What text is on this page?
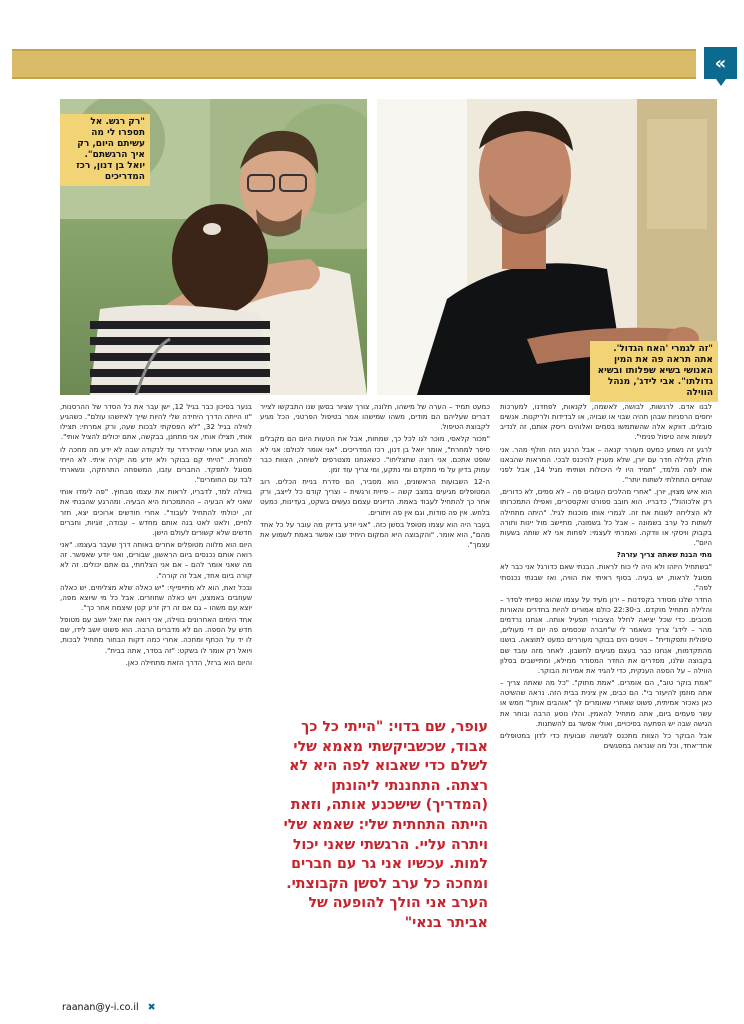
«
"רק רגש. אל תספרו לי מה עשיתם היום, רק איך הרגשתם". יואל בן דנון, רכז המדריכים
"זה לגמרי 'האח הגדול'. אתה תראה פה את המין האנושי בשיא שפלותו ובשיא גדולתו". אבי לידג', מנהל הווילה

לבנו אדם. לרגשות, לבושה, לאשמה, לקנאות, לפחדנו, למערכות יחסים הרסניות שבהן תהיה שבוי או שבויה, או לבדידות ולריקנות. אנשים סובלים. דווקא אלה שהשתמשו בסמים ואלוהים ריסק אותם, זה לנדיב לעשות איזה טיפול פנימי".

לרגע זה נשמע כמעט מעורר קנאה – אבל הרגע הזה חולף מהר. אני חולק הלילה חדר עם יורן, שלא מעניין להיכנס לבכי. המראות שהבאנו אתו לפה מלמד, "תמיד היו לי היכולות ושתיתי מגיל 14, אבל לפני שנתיים התחלתי לשתות יותר".

הוא איש מצוין, יורן. "אחרי מהלכים העובים פה – לא סמים, לא כדורים, רק אלכוהול", כדבריו. הוא חובב ספורט ואקסטרים, ואפילו התמכרותו לא הצליחה לשנות את זה. לגמרי אותו מוכנות לגיל. "היתה מתחילה לשתות כל ערב בשמונה – אבל כל בשמונה, מתיישב מול יינות ותורה בקבוק וויסקי או וודקה. ואמרתי לעצמי: לפחות אני לא שותה בשעות היום".

מתי הבנת שאתה צריך עזרה?

"בשתחיל היזהו ולא היה לי כוח לראות. הבנתי שאם כדורגל אני כבר לא מסוגל לראות, יש בעיה. בסוף ראיתי את הוויה, ואז שבנתי נכנסתי לפה".

החדר שלנו מסודר בקפדנות – ירון מעיד על עצמו שהוא כפייתי לסדר – והלילה מתחיל מוקדם. ב-22:30 כולם אמורים להיות בחדרים והאורות מכובים. כדי שכל יציאה לחלל הציבורי תפעיל אותה. אנחנו נרדמים מהר – לידג' צריך כשאמר לי ש"חברה שכסמים פה יום די מעולים, טיפולית ותפקודית" – ויטנים הים בבוקר מעוררים כמעט לתוצאה. בושנו מהתקדמות, אנחנו כבר בעצם מגיעים לחשבון. לאחר מזה עובד שם בקבוצה שלנו, מסדרים את החדר המסודר ממילא, ומתיישבים בסלון הווילה – על הספה הענקית, כדי להגיד את אמירות הבוקר.

"אמת בוקר טוב", הם אומרים. "אמת מתוק". "כל מה שאתה צריך – אתה מוזמן להיעזר בי". הם כבים, אין צינית בבית הזה. נראה שהשיטה כאן נאכזר אמיתית, פשוט שאחרי שאומרים לך "אוהבים אותך" חמש או עשר פעמים ביום, אתה מתחיל להאמין. והלו נוסע הרבה ובוחר את הגישה שבה יש הפתעה בסיכויים, ואולי אפשר גם להשתנות.

אבל הבוקר כל הצוות מתכנס לפגישה שבועית כדי לדון במטופלים אחד־אחד, וכל מה שנראה במפגשים

כמעט תמיד – הערה של מישהו, תלונה, צורך שציור בסשן שנו התבקשו לצייר דברים שעליהם הם מודים, משהו שמישהו אמר בטיפול הפרטני, הכל מגיע לקבוצת הטיפול.

"מכור קלאסי, מוכר לגו לכל כך, שמחות, אבל את הטעות היום הם מקבלים סיפר למחרת", אומר יואל בן דנון, רכז המדריכים. "אני אומר לכולם: אני לא שופט אתכם. אני רוצה שתצליחו". כשאנחנו מצטרפים לשיחה, הצוות כבר עמוק בדיון על מי מתקדם ומי נתקע, ומי צריך עוד זמן.

ה-12 השבועות הראשונים, הוא מסביר, הם סדרת בניית הכלים. רוב המטופלים מגיעים במצב קשה – פיזית ורגשית – וצריך קודם כל לייצב, ורק אחר כך להתחיל לעבוד באמת. הדיונים עצמם נעשים בשקט, בעדינות, כמעט בלחש. אין פה סודות, וגם אין פה ויתורים.

בעבר היה הוא עצמו מטופל בסשן כזה. "אני יודע בדיוק מה עובר על כל אחד מהם", הוא אומר. "והקבוצה היא המקום היחיד שבו אפשר באמת לשמוע את עצמך".

בנער בסיכון כבר בגיל 12, ישן עבר את כל הסדר של ההרסנות, "זו הייתה הדרך היחידה שלי להיות שייך לאיזשהו עולם". כשהגיע לווילה בגיל 32, "לא הפסקתי לבכות שעה, ורק אמרתי: תצילו אותי, תצילו אותי, אני מתחנן, בבקשה, אתם יכולים להציל אותי".

הוא הגיע אחרי שהידרדר עד לנקודה שבה לא ידע מה מחכה לו למחרת. "הייתי קם בבוקר ולא יודע מה יקרה איתי. לא הייתי מסוגל לתפקד. החברים עזבו, המשפחה התרחקה, ונשארתי לבד עם החומרים".

בווילה למד, לדבריו, לראות את עצמו מבחוץ. "פה לימדו אותי שאני לא הבעיה – ההתמכרות היא הבעיה. ומהרגע שהבנתי את זה, יכולתי להתחיל לעבוד". אחרי חודשים ארוכים יצא, חזר לחיים, ולאט לאט בנה אותם מחדש – עבודה, זוגיות, וחברים חדשים שלא קשורים לעולם הישן.

היום הוא מלווה מטופלים אחרים באותה דרך שעבר בעצמו. "אני רואה אותם נכנסים ביום הראשון, שבורים, ואני יודע שאפשר. זה מה שאני אומר להם – אם אני הצלחתי, גם אתם יכולים. זה לא קורה ביום אחד, אבל זה קורה".

ובכל זאת, הוא לא מתייפייף: "יש כאלה שלא מצליחים. יש כאלה שעוזבים באמצע, ויש כאלה שחוזרים. אבל כל מי שיוצא מפה, יוצא עם משהו – גם אם זה רק זרע קטן שיצמח אחר כך".

אחד הימים האחרונים בווילה, אני רואה את יואל יושב עם מטופל חדש על הספה. הם לא מדברים הרבה. הוא פשוט יושב לידו, שם לו יד על הכתף ומחכה. אחרי כמה דקות הבחור מתחיל לבכות, ויואל רק אומר לו בשקט: "זה בסדר, אתה בבית".

והיום הוא ברזל, הדרך הזאת מתחילה כאן.

עופר, שם בדוי: "הייתי כל כך אבוד, שכשביקשתי מאמא שלי לשלם כדי שאבוא לפה היא לא רצתה. התחננתי ליהונתן (המדריך) שישכנע אותה, וזאת הייתה התחתית שלי: שאמא שלי ויתרה עליי. הרגשתי שאני יכול למות. עכשיו אני גר עם חברים ומחכה כל ערב לסשן הקבוצתי. הערב אני הולך להופעה של אביתר בנאי"
raanan@y-i.co.il ✖
